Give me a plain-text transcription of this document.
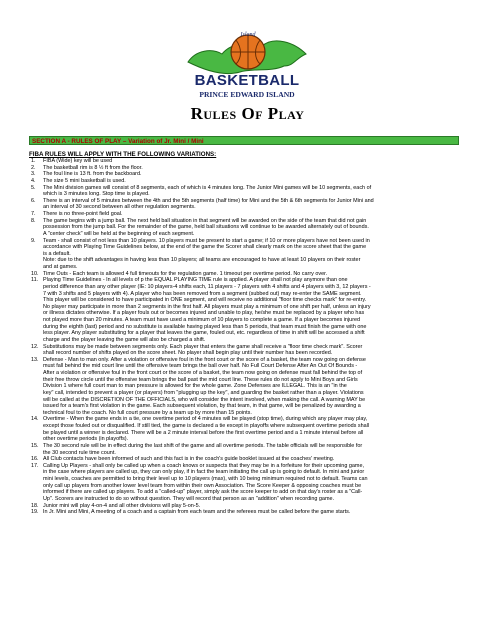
Island
BASKETBALL
PRINCE EDWARD ISLAND
Rules Of Play
SECTION A - RULES OF PLAY – Variation of Jr. Mini / Mini
FIBA RULES WILL APPLY WITH THE FOLLOWING VARIATIONS:
1.	FIBA (Wide) key will be used
2.	The basketball rim is 8 ½ ft from the floor.
3.	The foul line is 13 ft. from the backboard.
4.	The size 5 mini basketball is used.
5.	The Mini division games will consist of 8 segments, each of which is 4 minutes long. The Junior Mini games will be 10 segments, each of
which is 3 minutes long. Stop time is played.
6.	There is an interval of 5 minutes between the 4th and the 5th segments (half time) for Mini and the 5th & 6th segments for Junior Mini and
an interval of 30 second between all other regulation segments.
7.	There is no three-point field goal.
8.	The game begins with a jump ball. The next held ball situation in that segment will be awarded on the side of the team that did not gain
possession from the jump ball. For the remainder of the game, held ball situations will continue to be awarded alternately out of bounds.
A "center check" will be held at the beginning of each segment.
9.	Team - shall consist of not less than 10 players. 10 players must be present to start a game; if 10 or more players have not been used in
accordance with Playing Time Guidelines below, at the end of the game the Scorer shall clearly mark on the score sheet that the game
is a default.
Note: due to the shift advantages in having less than 10 players; all teams are encouraged to have at least 10 players on their roster
and at games.
10. Time Outs - Each team is allowed 4 full timeouts for the regulation game. 1 timeout per overtime period. No carry over.
11. Playing Time Guidelines - In all levels of p the EQUAL PLAYING TIME rule is applied. A player shall not play anymore than one
period difference than any other player (IE: 10 players-4 shifts each, 11 players - 7 players with 4 shifts and 4 players with 3, 12 players -
7 with 3 shifts and 5 players with 4). A player who has been removed from a segment (subbed out) may re-enter the SAME segment.
This player will be considered to have participated in ONE segment, and will receive no additional "floor time checks mark" for re-entry.
No player may participate in more than 2 segments in the first half. All players must play a minimum of one shift per half, unless an injury
or illness dictates otherwise. If a player fouls out or becomes injured and unable to play, he/she must be replaced by a player who has
not played more than 20 minutes. A team must have used a minimum of 10 players to complete a game. If a player becomes injured
during the eighth (last) period and no substitute is available having played less than 5 periods, that team must finish the game with one
less player. Any player substituting for a player that leaves the game, fouled out, etc. regardless of time in shift will be accessed a shift
charge and the player leaving the game will also be charged a shift.
12. Substitutions may be made between segments only. Each player that enters the game shall receive a "floor time check mark". Scorer
shall record number of shifts played on the score sheet. No player shall begin play until their number has been recorded.
13. Defense - Man to man only. After a violation or offensive foul in the front court or the score of a basket, the team now going on defense
must fall behind the mid court line until the offensive team brings the ball over half. No Full Court Defense After An Out Of Bounds -
After a violation or offensive foul in the front court or the score of a basket, the team now going on defense must fall behind the top of
their free throw circle until the offensive team brings the ball past the mid court line. These rules do not apply to Mini Boys and Girls
Division 1 where full court man to man pressure is allowed for the whole game. Zone Defenses are ILLEGAL. This is an "in the
key" call, intended to prevent a player (or players) from "plugging up the key", and guarding the basket rather than a player. Violations
will be called at the DISCRETION OF THE OFFICIALS, who will consider the intent involved, when making the call. A warning MAY be
issued for a team's first violation in the game. Each subsequent violation, by that team, in that game, will be penalized by awarding a
technical foul to the coach. No full court pressure by a team up by more than 15 points.
14. Overtime - When the game ends in a tie, one overtime period of 4 minutes will be played (stop time), during which any player may play,
except those fouled out or disqualified. If still tied, the game is declared a tie except in playoffs where subsequent overtime periods shall
be played until a winner is declared. There will be a 2 minute interval before the first overtime period and a 1 minute interval before all
other overtime periods (in playoffs).
15. The 30 second rule will be in effect during the last shift of the game and all overtime periods. The table officials will be responsible for
the 30 second rule time count.
16. All Club contacts have been informed of such and this fact is in the coach's guide booklet issued at the coaches' meeting.
17. Calling Up Players - shall only be called up when a coach knows or suspects that they may be in a forfeiture for their upcoming game,
in the case where players are called up, they can only play, if in fact the team initiating the call up is going to default. In mini and junior
mini levels, coaches are permitted to bring their level up to 10 players (max), with 10 being minimum required not to default. Teams can
only call up players from another lower level team from within their own Association. The Score Keeper & opposing coaches must be
informed if there are called up players. To add a "called-up" player, simply ask the score keeper to add on that day's roster as a "Call-
Up". Scorers are instructed to do so without question. They will record that person as an "addition" when recording game.
18. Junior mini will play 4-on-4 and all other divisions will play 5-on-5.
19. In Jr. Mini and Mini, A meeting of a coach and a captain from each team and the referees must be called before the game starts.
